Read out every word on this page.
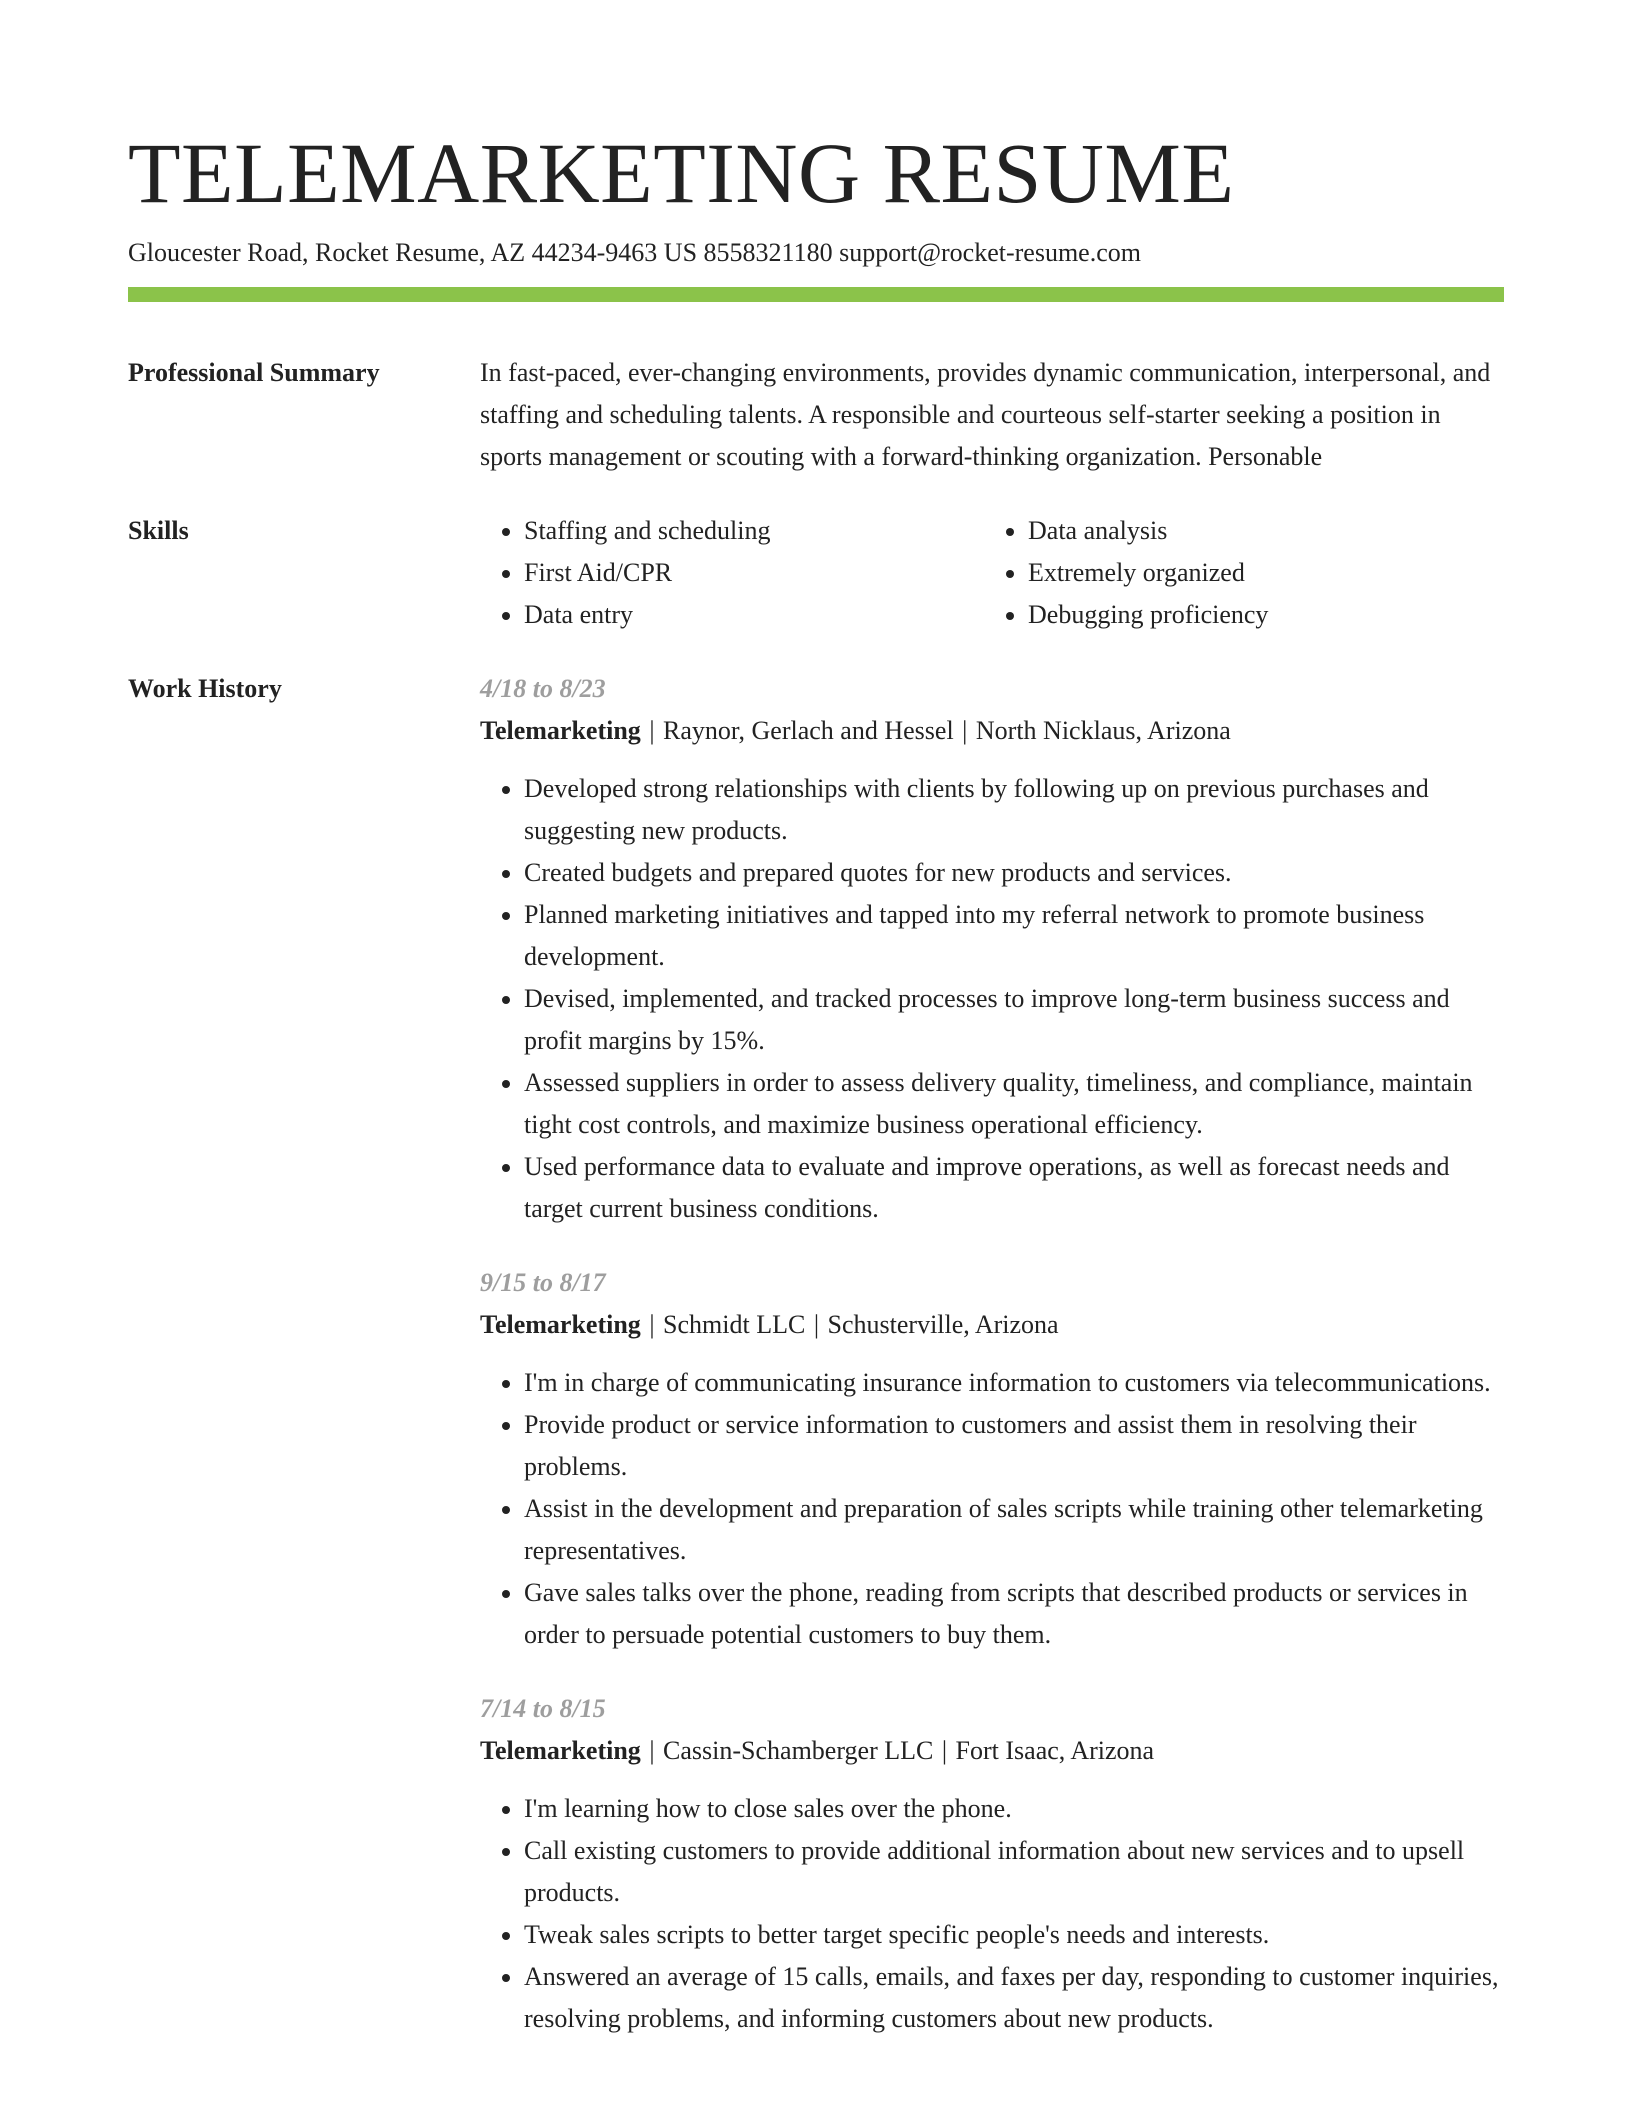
TELEMARKETING RESUME
Gloucester Road, Rocket Resume, AZ 44234-9463 US 8558321180 support@rocket-resume.com
Professional Summary	In fast-paced, ever-changing environments, provides dynamic communication, interpersonal, and staffing and scheduling talents. A responsible and courteous self-starter seeking a position in sports management or scouting with a forward-thinking organization. Personable

Skills
•	Staffing and scheduling
• First Aid/CPR
• Data entry
• Data analysis
• Extremely organized
• Debugging proficiency
Work History	4/18 to 8/23
Telemarketing | Raynor, Gerlach and Hessel | North Nicklaus, Arizona
• Developed strong relationships with clients by following up on previous purchases and suggesting new products.
• Created budgets and prepared quotes for new products and services.
• Planned marketing initiatives and tapped into my referral network to promote business development.
• Devised, implemented, and tracked processes to improve long-term business success and profit margins by 15%.
• Assessed suppliers in order to assess delivery quality, timeliness, and compliance, maintain tight cost controls, and maximize business operational efficiency.
• Used performance data to evaluate and improve operations, as well as forecast needs and target current business conditions.
9/15 to 8/17
Telemarketing | Schmidt LLC | Schusterville, Arizona
• I'm in charge of communicating insurance information to customers via telecommunications.
• Provide product or service information to customers and assist them in resolving their problems.
• Assist in the development and preparation of sales scripts while training other telemarketing representatives.
• Gave sales talks over the phone, reading from scripts that described products or services in order to persuade potential customers to buy them.
7/14 to 8/15
Telemarketing | Cassin-Schamberger LLC | Fort Isaac, Arizona
• I'm learning how to close sales over the phone.
• Call existing customers to provide additional information about new services and to upsell products.
• Tweak sales scripts to better target specific people's needs and interests.
• Answered an average of 15 calls, emails, and faxes per day, responding to customer inquiries, resolving problems, and informing customers about new products.
